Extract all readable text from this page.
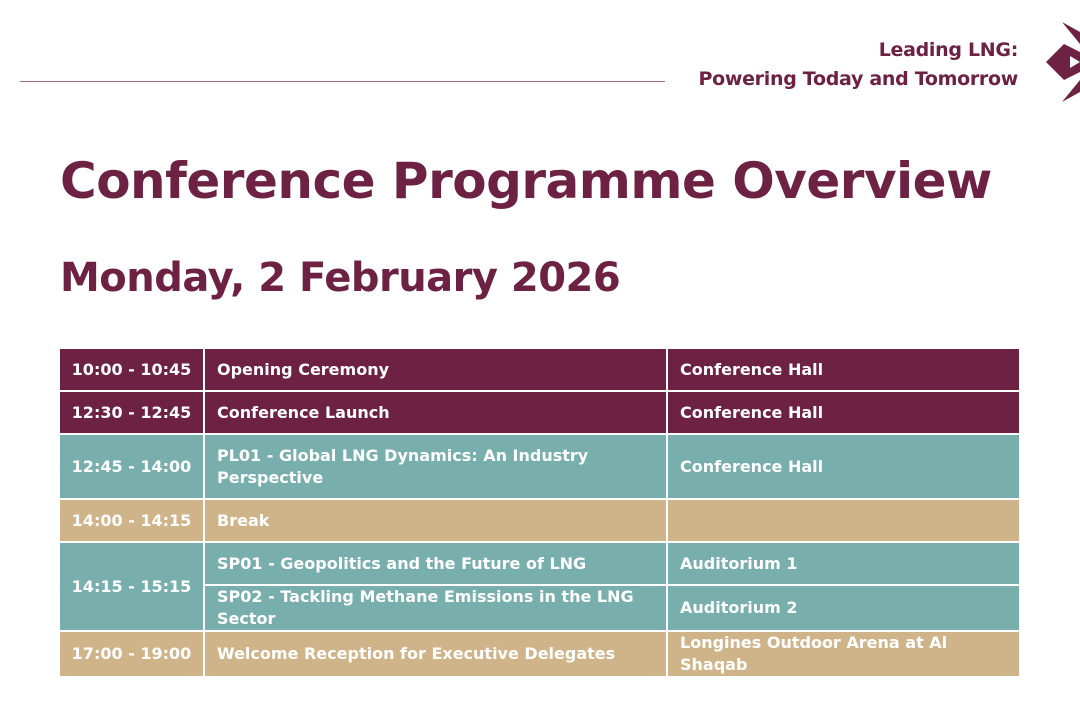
Leading LNG:
Powering Today and Tomorrow
Conference Programme Overview
Monday, 2 February 2026
10:00 - 10:45	Opening Ceremony	Conference Hall
12:30 - 12:45	Conference Launch	Conference Hall
12:45 - 14:00	PL01 - Global LNG Dynamics: An Industry Perspective	Conference Hall
14:00 - 14:15	Break	
14:15 - 15:15	SP01 - Geopolitics and the Future of LNG	Auditorium 1
	SP02 - Tackling Methane Emissions in the LNG Sector	Auditorium 2
17:00 - 19:00	Welcome Reception for Executive Delegates	Longines Outdoor Arena at Al Shaqab
